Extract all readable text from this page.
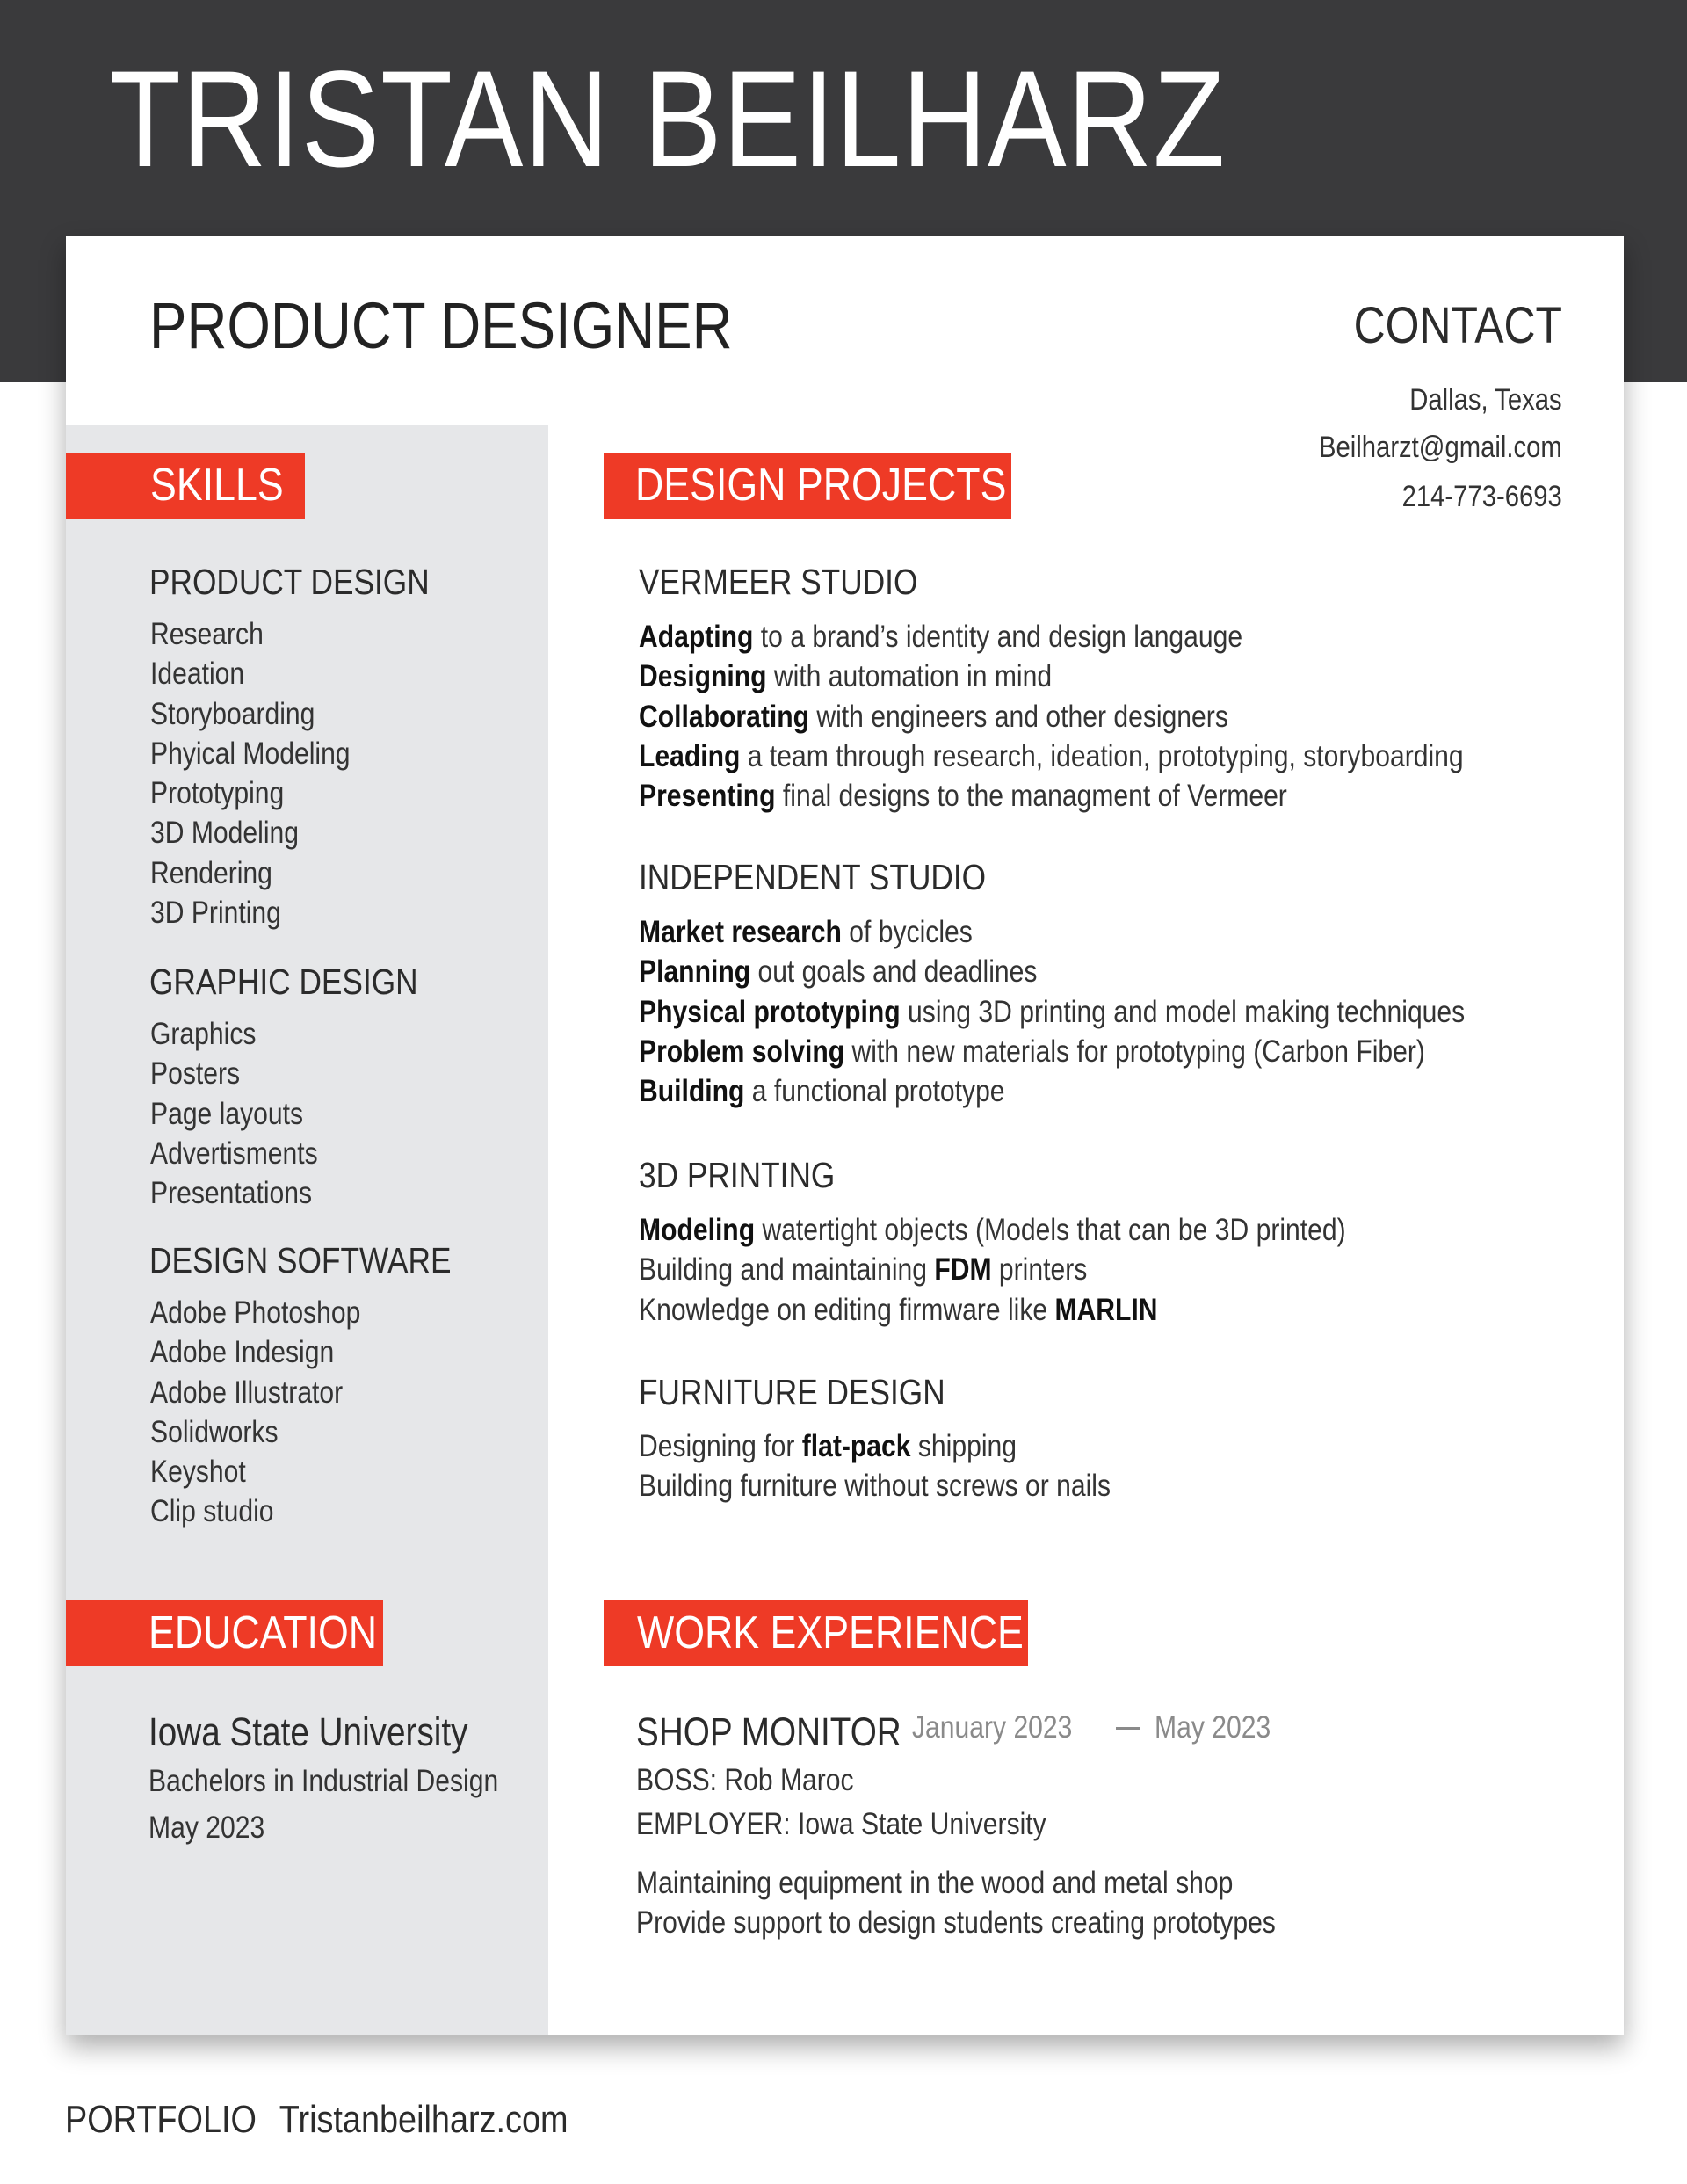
TRISTAN BEILHARZ
PRODUCT DESIGNER	CONTACT
Dallas, Texas
Beilharzt@gmail.com
214-773-6693
SKILLS
PRODUCT DESIGN
Research
Ideation
Storyboarding
Phyical Modeling
Prototyping
3D Modeling
Rendering
3D Printing
GRAPHIC DESIGN
Graphics
Posters
Page layouts
Advertisments
Presentations
DESIGN SOFTWARE
Adobe Photoshop
Adobe Indesign
Adobe Illustrator
Solidworks
Keyshot
Clip studio
DESIGN PROJECTS
VERMEER STUDIO
Adapting to a brand’s identity and design langauge
Designing with automation in mind
Collaborating with engineers and other designers
Leading a team through research, ideation, prototyping, storyboarding
Presenting final designs to the managment of Vermeer
INDEPENDENT STUDIO
Market research of bycicles
Planning out goals and deadlines
Physical prototyping using 3D printing and model making techniques
Problem solving with new materials for prototyping (Carbon Fiber)
Building a functional prototype
3D PRINTING
Modeling watertight objects (Models that can be 3D printed)
Building and maintaining FDM printers
Knowledge on editing firmware like MARLIN
FURNITURE DESIGN
Designing for flat-pack shipping
Building furniture without screws or nails
EDUCATION
Iowa State University
Bachelors in Industrial Design
May 2023
WORK EXPERIENCE
SHOP MONITOR January 2023	May 2023
BOSS: Rob Maroc
EMPLOYER: Iowa State University
Maintaining equipment in the wood and metal shop
Provide support to design students creating prototypes
PORTFOLIO Tristanbeilharz.com
